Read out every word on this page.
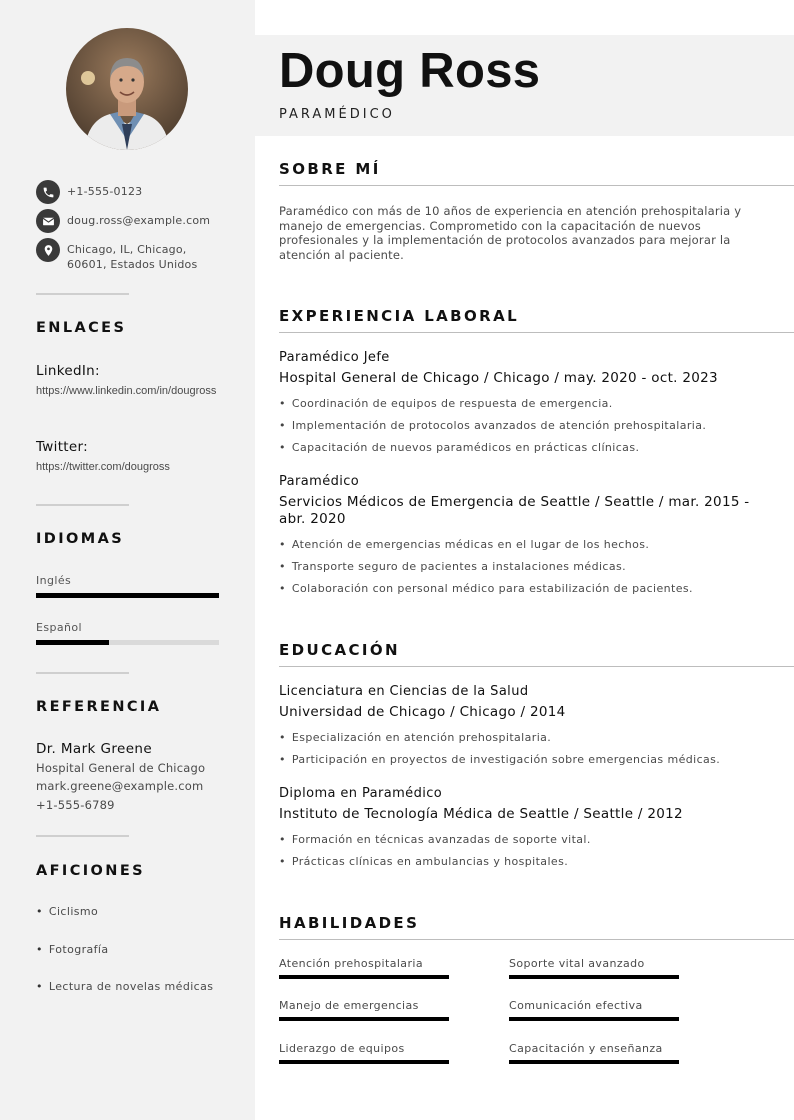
+1-555-0123
doug.ross@example.com
Chicago, IL, Chicago,
60601, Estados Unidos
ENLACES
LinkedIn:
https://www.linkedin.com/in/dougross
Twitter:
https://twitter.com/dougross
IDIOMAS
Inglés
Español
REFERENCIA
Dr. Mark Greene
Hospital General de Chicago
mark.greene@example.com
+1-555-6789
AFICIONES
• Ciclismo
• Fotografía
• Lectura de novelas médicas
Doug Ross
PARAMÉDICO
SOBRE MÍ
Paramédico con más de 10 años de experiencia en atención prehospitalaria y manejo de emergencias. Comprometido con la capacitación de nuevos profesionales y la implementación de protocolos avanzados para mejorar la atención al paciente.
EXPERIENCIA LABORAL
Paramédico Jefe
Hospital General de Chicago / Chicago / may. 2020 - oct. 2023
• Coordinación de equipos de respuesta de emergencia.
• Implementación de protocolos avanzados de atención prehospitalaria.
• Capacitación de nuevos paramédicos en prácticas clínicas.
Paramédico
Servicios Médicos de Emergencia de Seattle / Seattle / mar. 2015 - abr. 2020
• Atención de emergencias médicas en el lugar de los hechos.
• Transporte seguro de pacientes a instalaciones médicas.
• Colaboración con personal médico para estabilización de pacientes.
EDUCACIÓN
Licenciatura en Ciencias de la Salud
Universidad de Chicago / Chicago / 2014
• Especialización en atención prehospitalaria.
• Participación en proyectos de investigación sobre emergencias médicas.
Diploma en Paramédico
Instituto de Tecnología Médica de Seattle / Seattle / 2012
• Formación en técnicas avanzadas de soporte vital.
• Prácticas clínicas en ambulancias y hospitales.
HABILIDADES
Atención prehospitalaria	Soporte vital avanzado
Manejo de emergencias	Comunicación efectiva
Liderazgo de equipos	Capacitación y enseñanza
